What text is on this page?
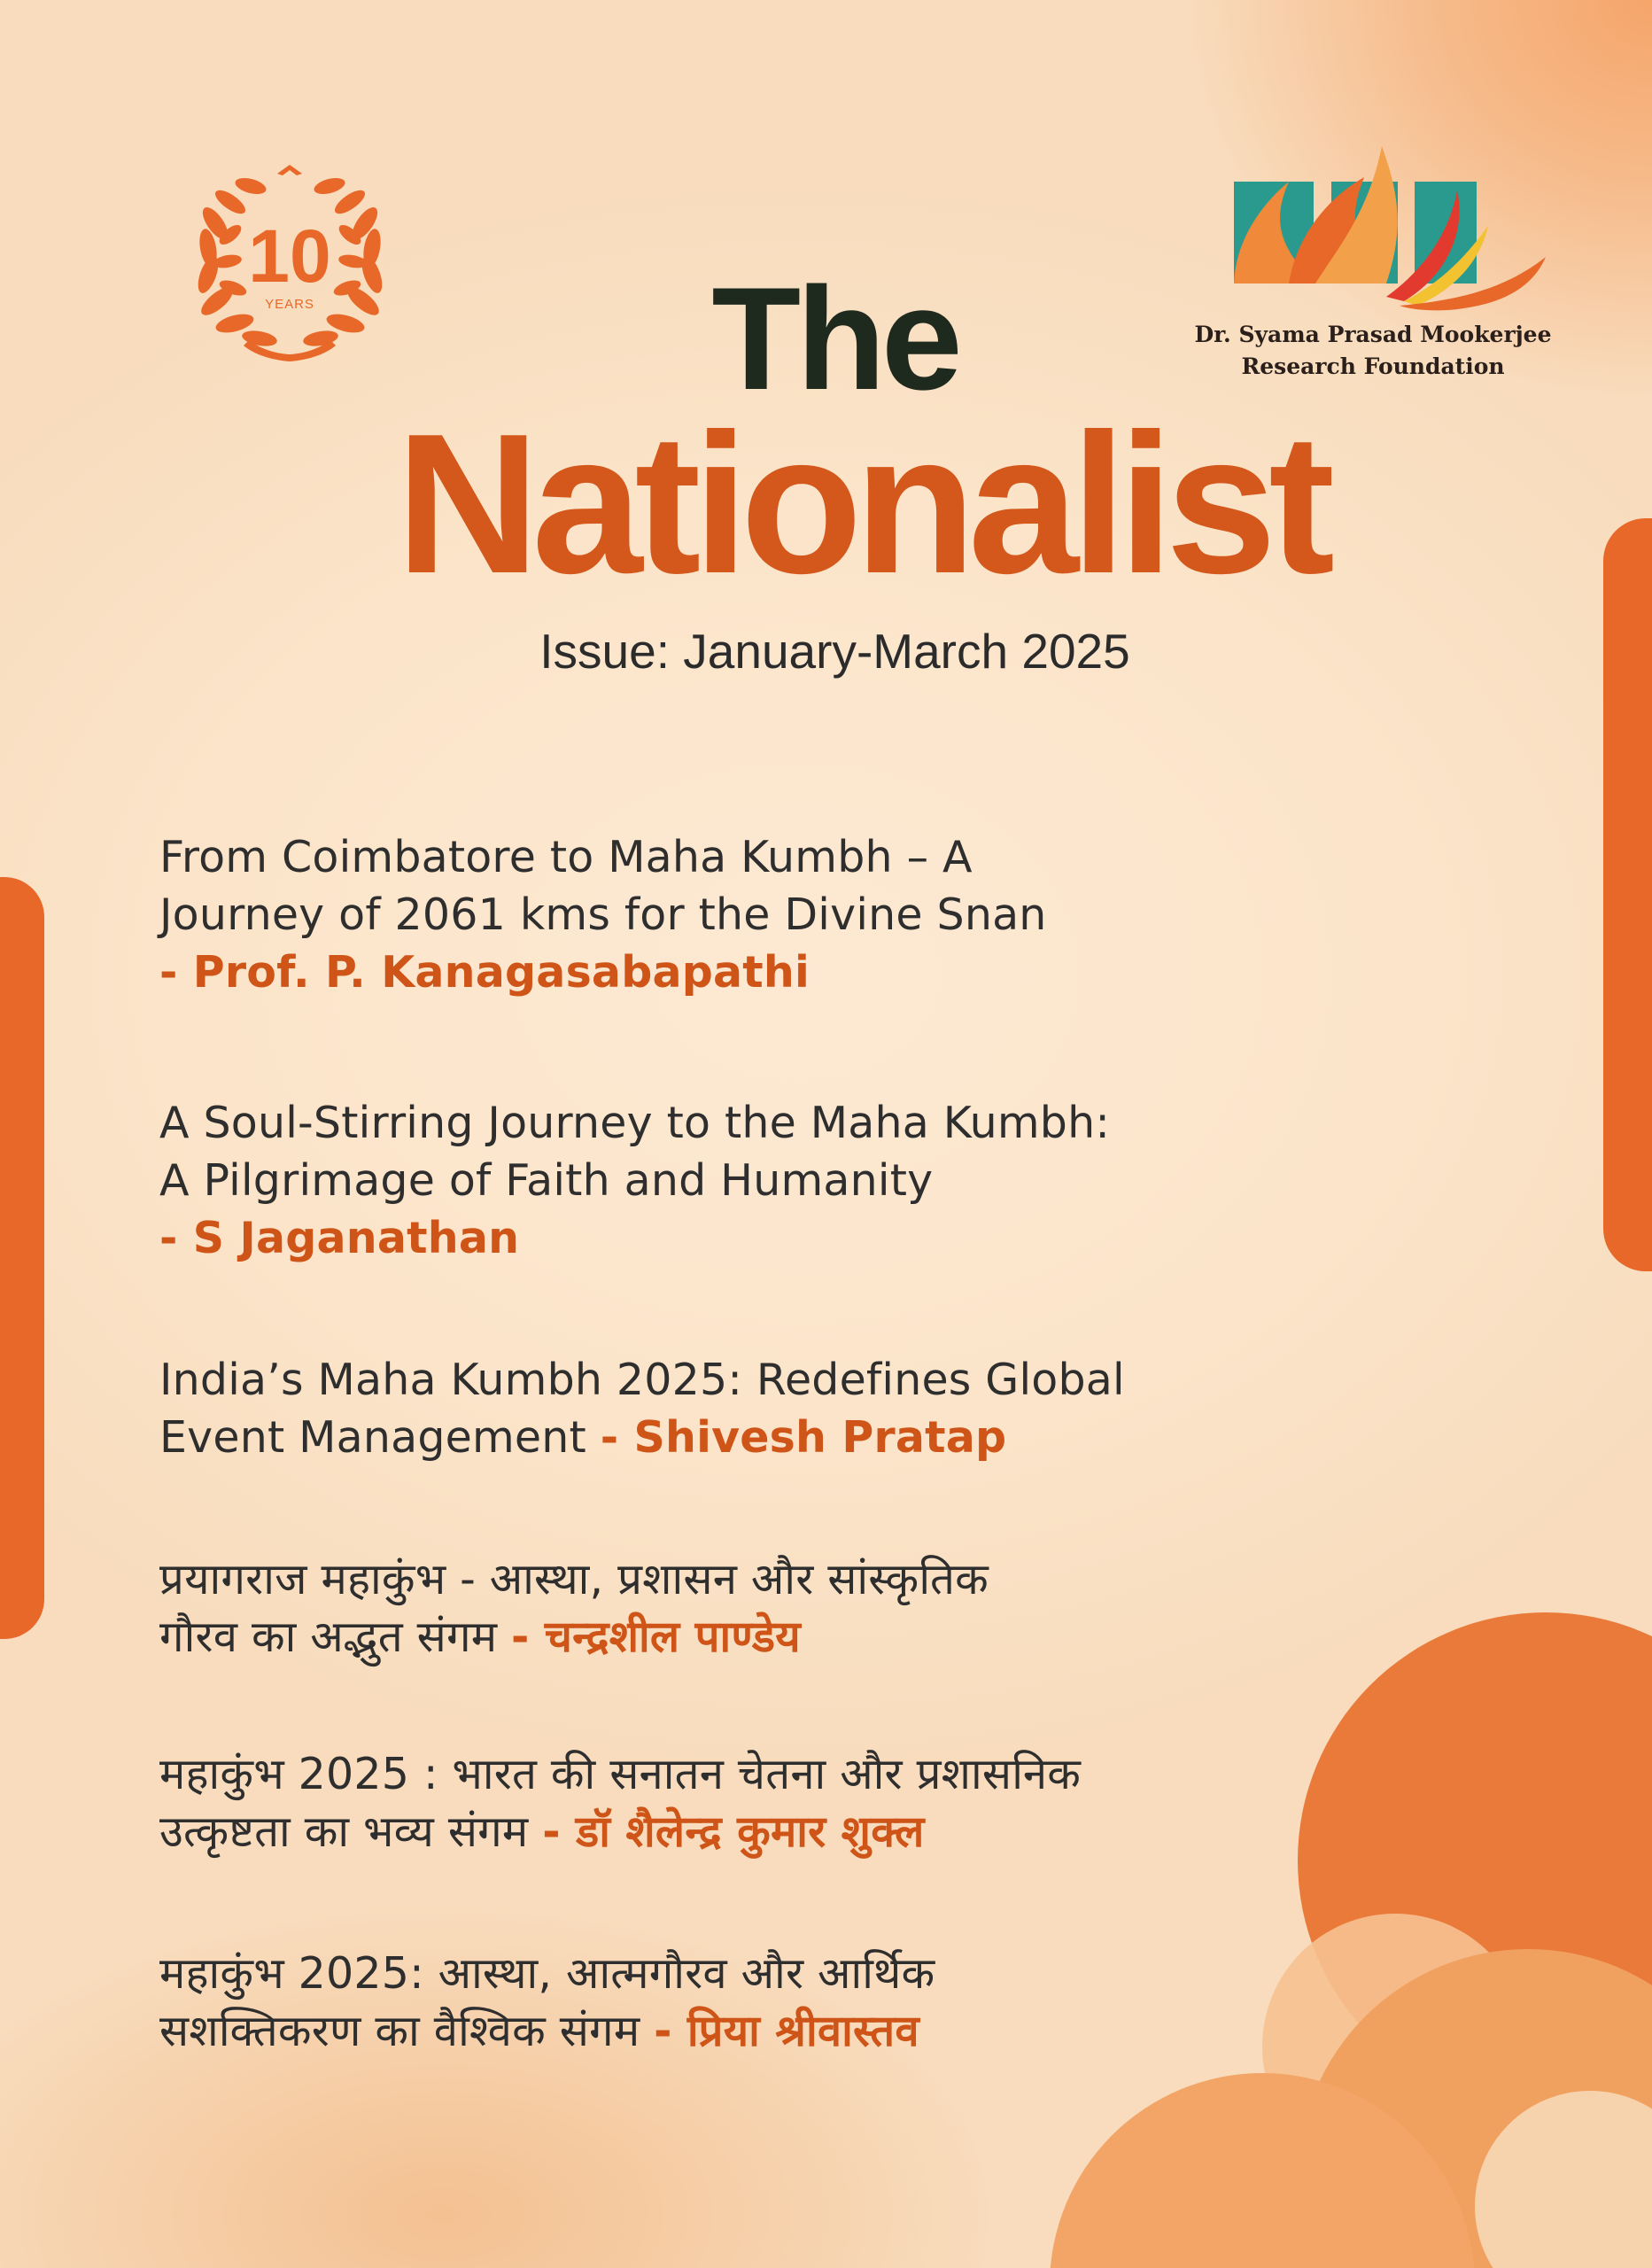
10
YEARS

Dr. Syama Prasad Mookerjee
Research Foundation

The
Nationalist

Issue: January-March 2025

From Coimbatore to Maha Kumbh – A
Journey of 2061 kms for the Divine Snan
- Prof. P. Kanagasabapathi

A Soul-Stirring Journey to the Maha Kumbh:
A Pilgrimage of Faith and Humanity
- S Jaganathan

India’s Maha Kumbh 2025: Redefines Global
Event Management - Shivesh Pratap

प्रयागराज महाकुंभ - आस्था, प्रशासन और सांस्कृतिक
गौरव का अद्भुत संगम - चन्द्रशील पाण्डेय

महाकुंभ 2025 : भारत की सनातन चेतना और प्रशासनिक
उत्कृष्टता का भव्य संगम - डॉ शैलेन्द्र कुमार शुक्ल

महाकुंभ 2025: आस्था, आत्मगौरव और आर्थिक
सशक्तिकरण का वैश्विक संगम - प्रिया श्रीवास्तव
